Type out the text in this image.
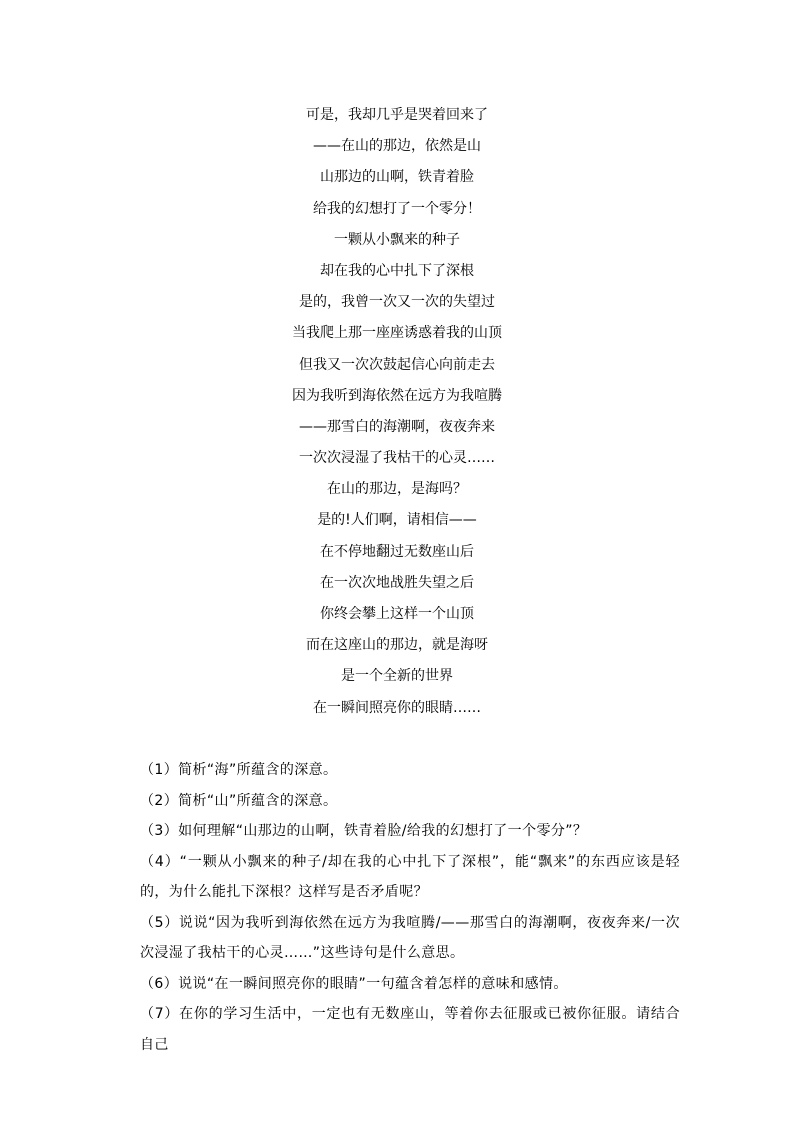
可是，我却几乎是哭着回来了
——在山的那边，依然是山
山那边的山啊，铁青着脸
给我的幻想打了一个零分！
一颗从小飘来的种子
却在我的心中扎下了深根
是的，我曾一次又一次的失望过
当我爬上那一座座诱惑着我的山顶
但我又一次次鼓起信心向前走去
因为我听到海依然在远方为我喧腾
——那雪白的海潮啊，夜夜奔来
一次次浸湿了我枯干的心灵……
在山的那边，是海吗？
是的!人们啊，请相信——
在不停地翻过无数座山后
在一次次地战胜失望之后
你终会攀上这样一个山顶
而在这座山的那边，就是海呀
是一个全新的世界
在一瞬间照亮你的眼睛……
（1）简析“海”所蕴含的深意。
（2）简析“山”所蕴含的深意。
（3）如何理解“山那边的山啊，铁青着脸/给我的幻想打了一个零分”？
（4）“一颗从小飘来的种子/却在我的心中扎下了深根”，能“飘来”的东西应该是轻的，为什么能扎下深根？这样写是否矛盾呢？
（5）说说“因为我听到海依然在远方为我喧腾/——那雪白的海潮啊，夜夜奔来/一次次浸湿了我枯干的心灵……”这些诗句是什么意思。
（6）说说“在一瞬间照亮你的眼睛”一句蕴含着怎样的意味和感情。
（7）在你的学习生活中，一定也有无数座山，等着你去征服或已被你征服。请结合自己
